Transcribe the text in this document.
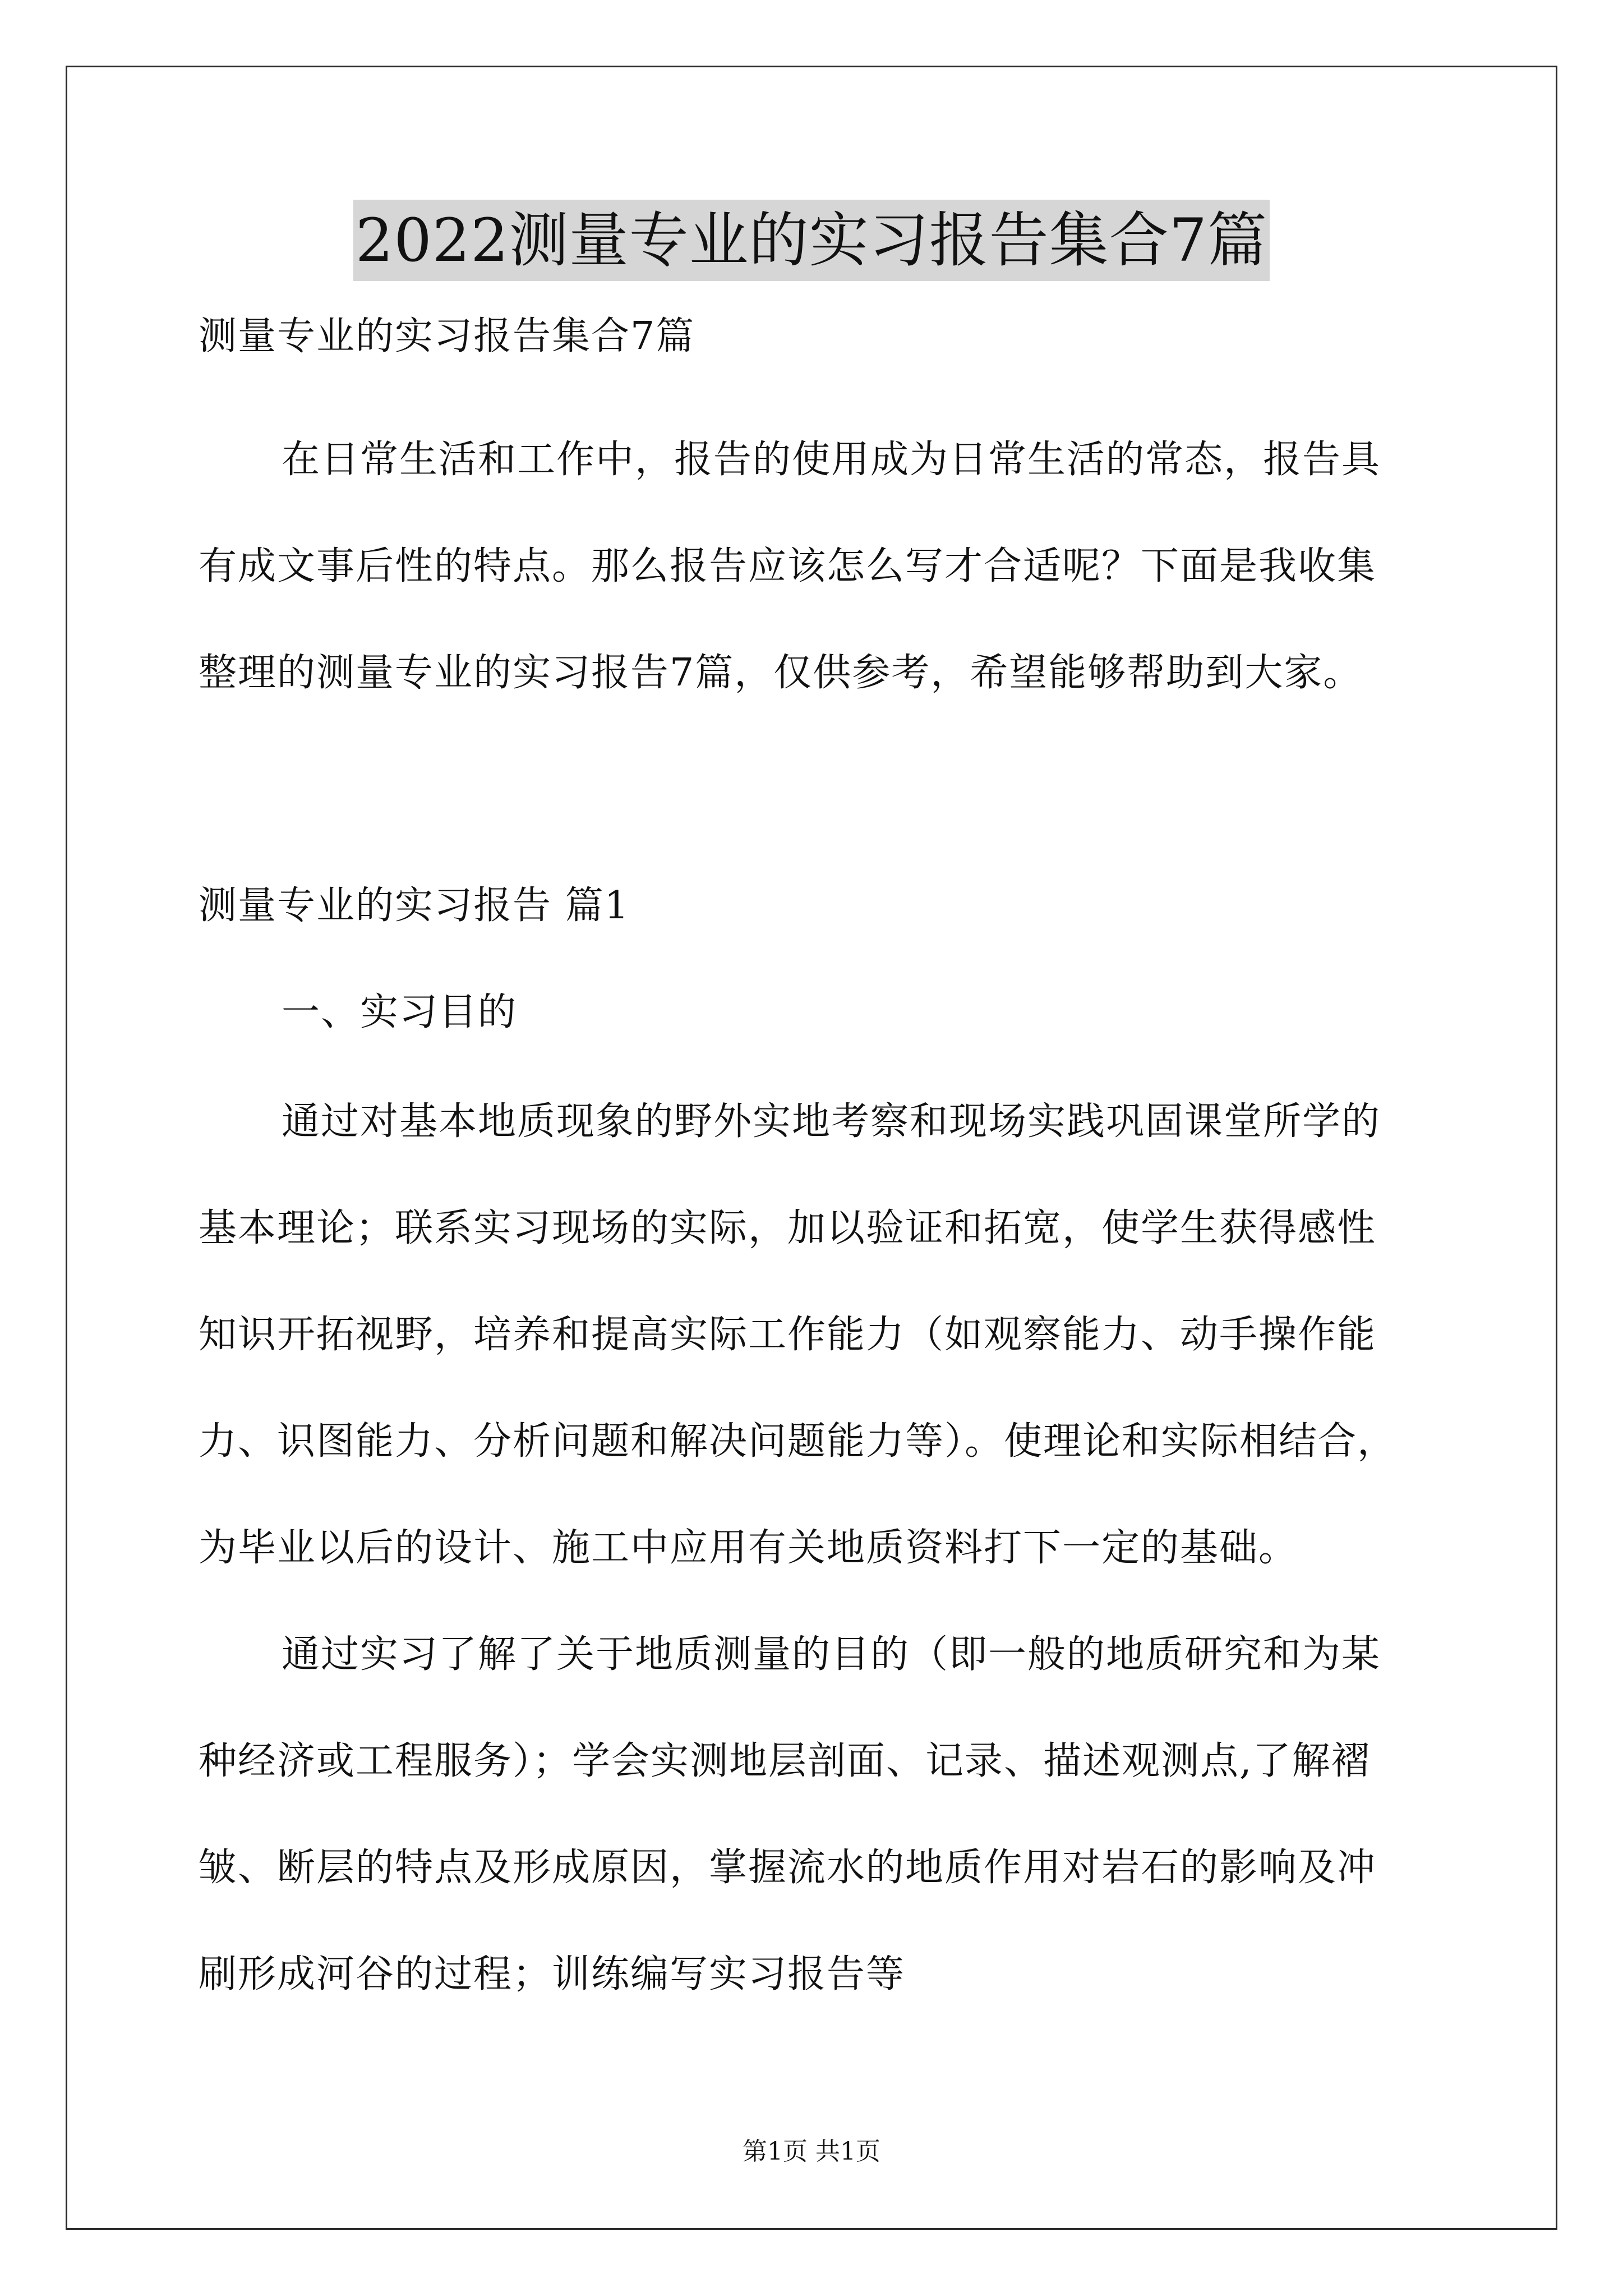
2022测量专业的实习报告集合7篇
测量专业的实习报告集合7篇
在日常生活和工作中，报告的使用成为日常生活的常态，报告具
有成文事后性的特点。那么报告应该怎么写才合适呢？下面是我收集
整理的测量专业的实习报告7篇，仅供参考，希望能够帮助到大家。
测量专业的实习报告 篇1
一、实习目的
通过对基本地质现象的野外实地考察和现场实践巩固课堂所学的
基本理论；联系实习现场的实际，加以验证和拓宽，使学生获得感性
知识开拓视野，培养和提高实际工作能力（如观察能力、动手操作能
力、识图能力、分析问题和解决问题能力等）。使理论和实际相结合，
为毕业以后的设计、施工中应用有关地质资料打下一定的基础。
通过实习了解了关于地质测量的目的（即一般的地质研究和为某
种经济或工程服务）；学会实测地层剖面、记录、描述观测点,了解褶
皱、断层的特点及形成原因，掌握流水的地质作用对岩石的影响及冲
刷形成河谷的过程；训练编写实习报告等
第1页 共1页
